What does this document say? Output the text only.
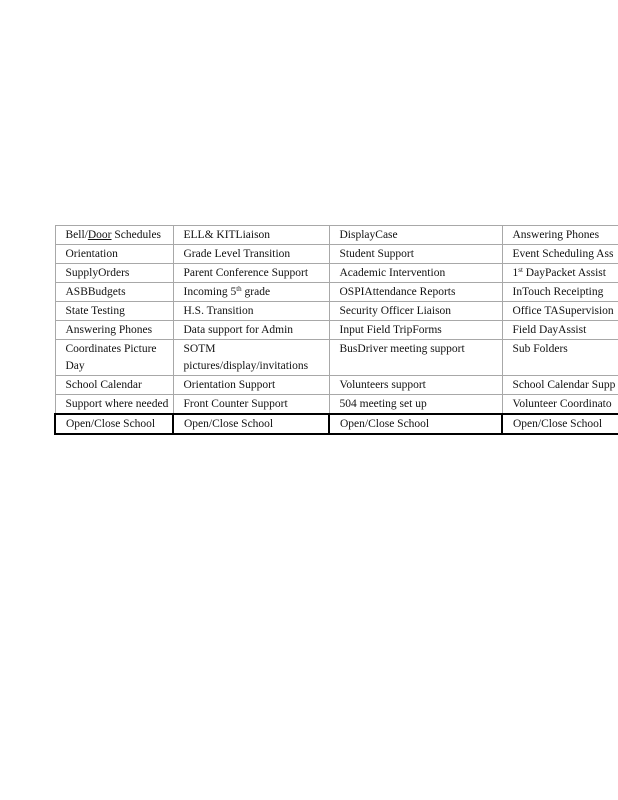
Bell/Door Schedules	ELL& KITLiaison	DisplayCase	Answering Phones
Orientation	Grade Level Transition	Student Support	Event Scheduling Ass
SupplyOrders	Parent Conference Support	Academic Intervention	1st DayPacket Assist
ASBBudgets	Incoming 5th grade	OSPIAttendance Reports	InTouch Receipting
State Testing	H.S. Transition	Security Officer Liaison	Office TASupervision
Answering Phones	Data support for Admin	Input Field TripForms	Field DayAssist
Coordinates Picture Day	SOTM pictures/display/invitations	BusDriver meeting support	Sub Folders
School Calendar	Orientation Support	Volunteers support	School Calendar Supp
Support where needed	Front Counter Support	504 meeting set up	Volunteer Coordinato
Open/Close School	Open/Close School	Open/Close School	Open/Close School
